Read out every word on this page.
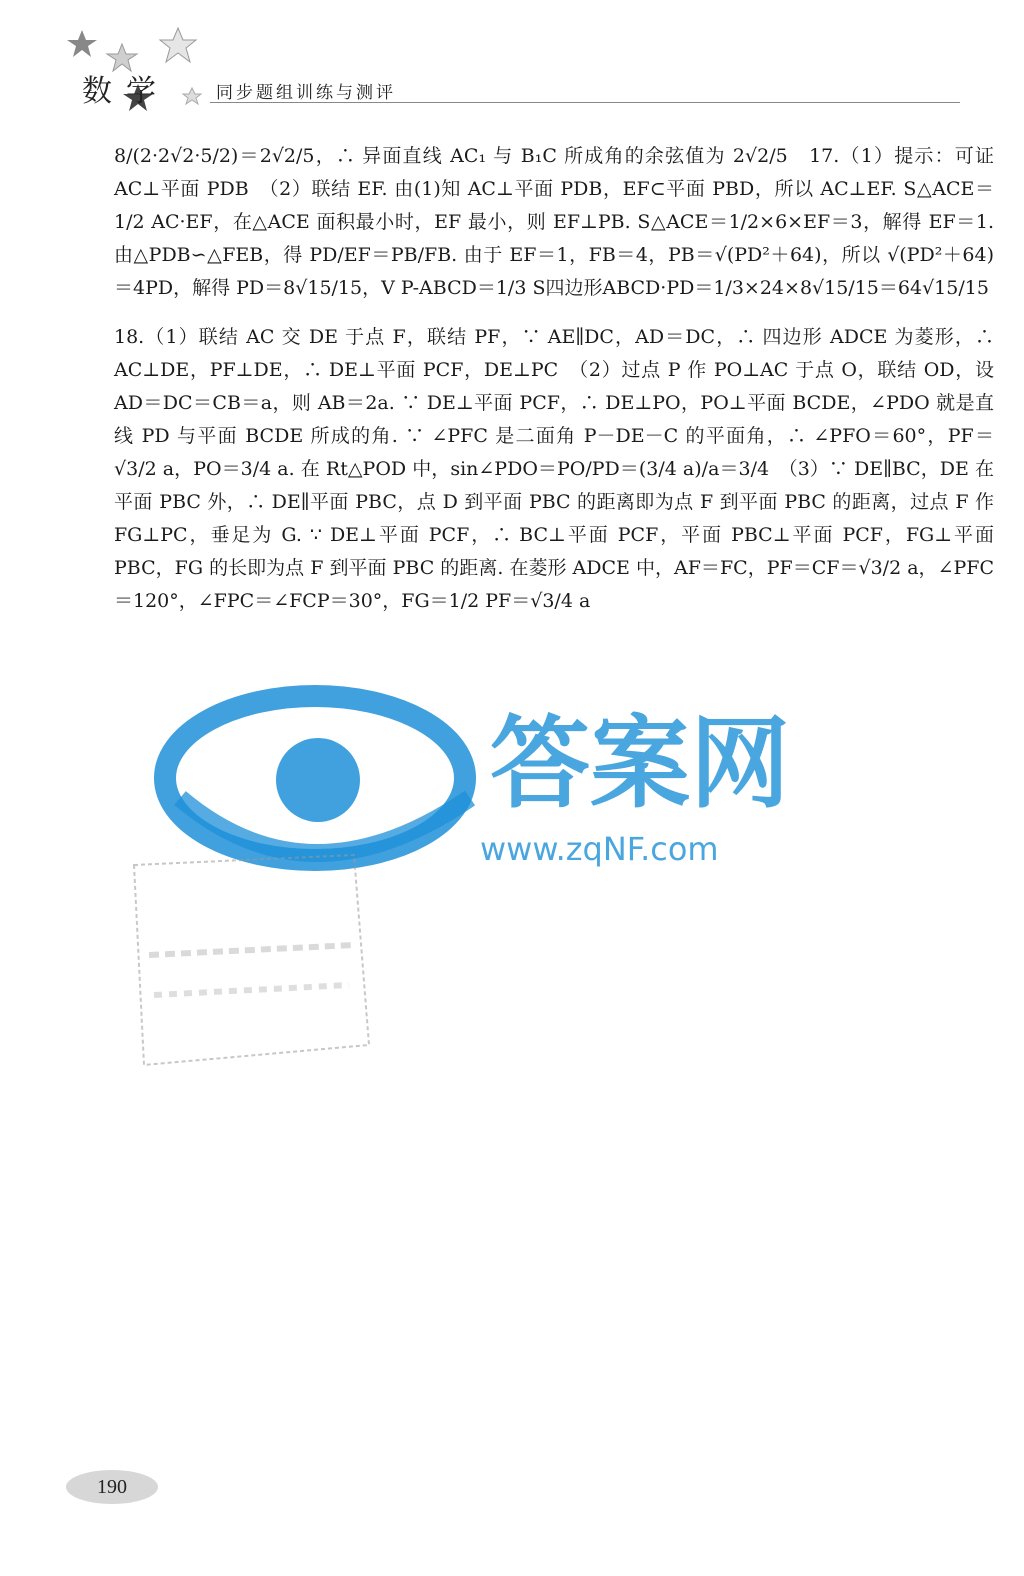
数学	同步题组训练与测评

8/(2·2√2·5/2)＝2√2/5，∴ 异面直线 AC₁ 与 B₁C 所成角的余弦值为 2√2/5　17.（1）提示：可证 AC⊥平面 PDB　（2）联结 EF. 由(1)知 AC⊥平面 PDB，EF⊂平面 PBD，所以 AC⊥EF. S△ACE＝1/2 AC·EF，在△ACE 面积最小时，EF 最小，则 EF⊥PB. S△ACE＝1/2×6×EF＝3，解得 EF＝1. 由△PDB∽△FEB，得 PD/EF＝PB/FB. 由于 EF＝1，FB＝4，PB＝√(PD²＋64)，所以 √(PD²＋64)＝4PD，解得 PD＝8√15/15，V P-ABCD＝1/3 S四边形ABCD·PD＝1/3×24×8√15/15＝64√15/15

18.（1）联结 AC 交 DE 于点 F，联结 PF，∵ AE∥DC，AD＝DC，∴ 四边形 ADCE 为菱形，∴ AC⊥DE，PF⊥DE，∴ DE⊥平面 PCF，DE⊥PC　（2）过点 P 作 PO⊥AC 于点 O，联结 OD，设 AD＝DC＝CB＝a，则 AB＝2a. ∵ DE⊥平面 PCF，∴ DE⊥PO，PO⊥平面 BCDE，∠PDO 就是直线 PD 与平面 BCDE 所成的角. ∵ ∠PFC 是二面角 P－DE－C 的平面角，∴ ∠PFO＝60°，PF＝√3/2 a，PO＝3/4 a. 在 Rt△POD 中，sin∠PDO＝PO/PD＝(3/4 a)/a＝3/4　（3）∵ DE∥BC，DE 在平面 PBC 外，∴ DE∥平面 PBC，点 D 到平面 PBC 的距离即为点 F 到平面 PBC 的距离，过点 F 作 FG⊥PC，垂足为 G. ∵ DE⊥平面 PCF，∴ BC⊥平面 PCF，平面 PBC⊥平面 PCF，FG⊥平面 PBC，FG 的长即为点 F 到平面 PBC 的距离. 在菱形 ADCE 中，AF＝FC，PF＝CF＝√3/2 a，∠PFC＝120°，∠FPC＝∠FCP＝30°，FG＝1/2 PF＝√3/4 a

答案网
www.zqNF.com
190
